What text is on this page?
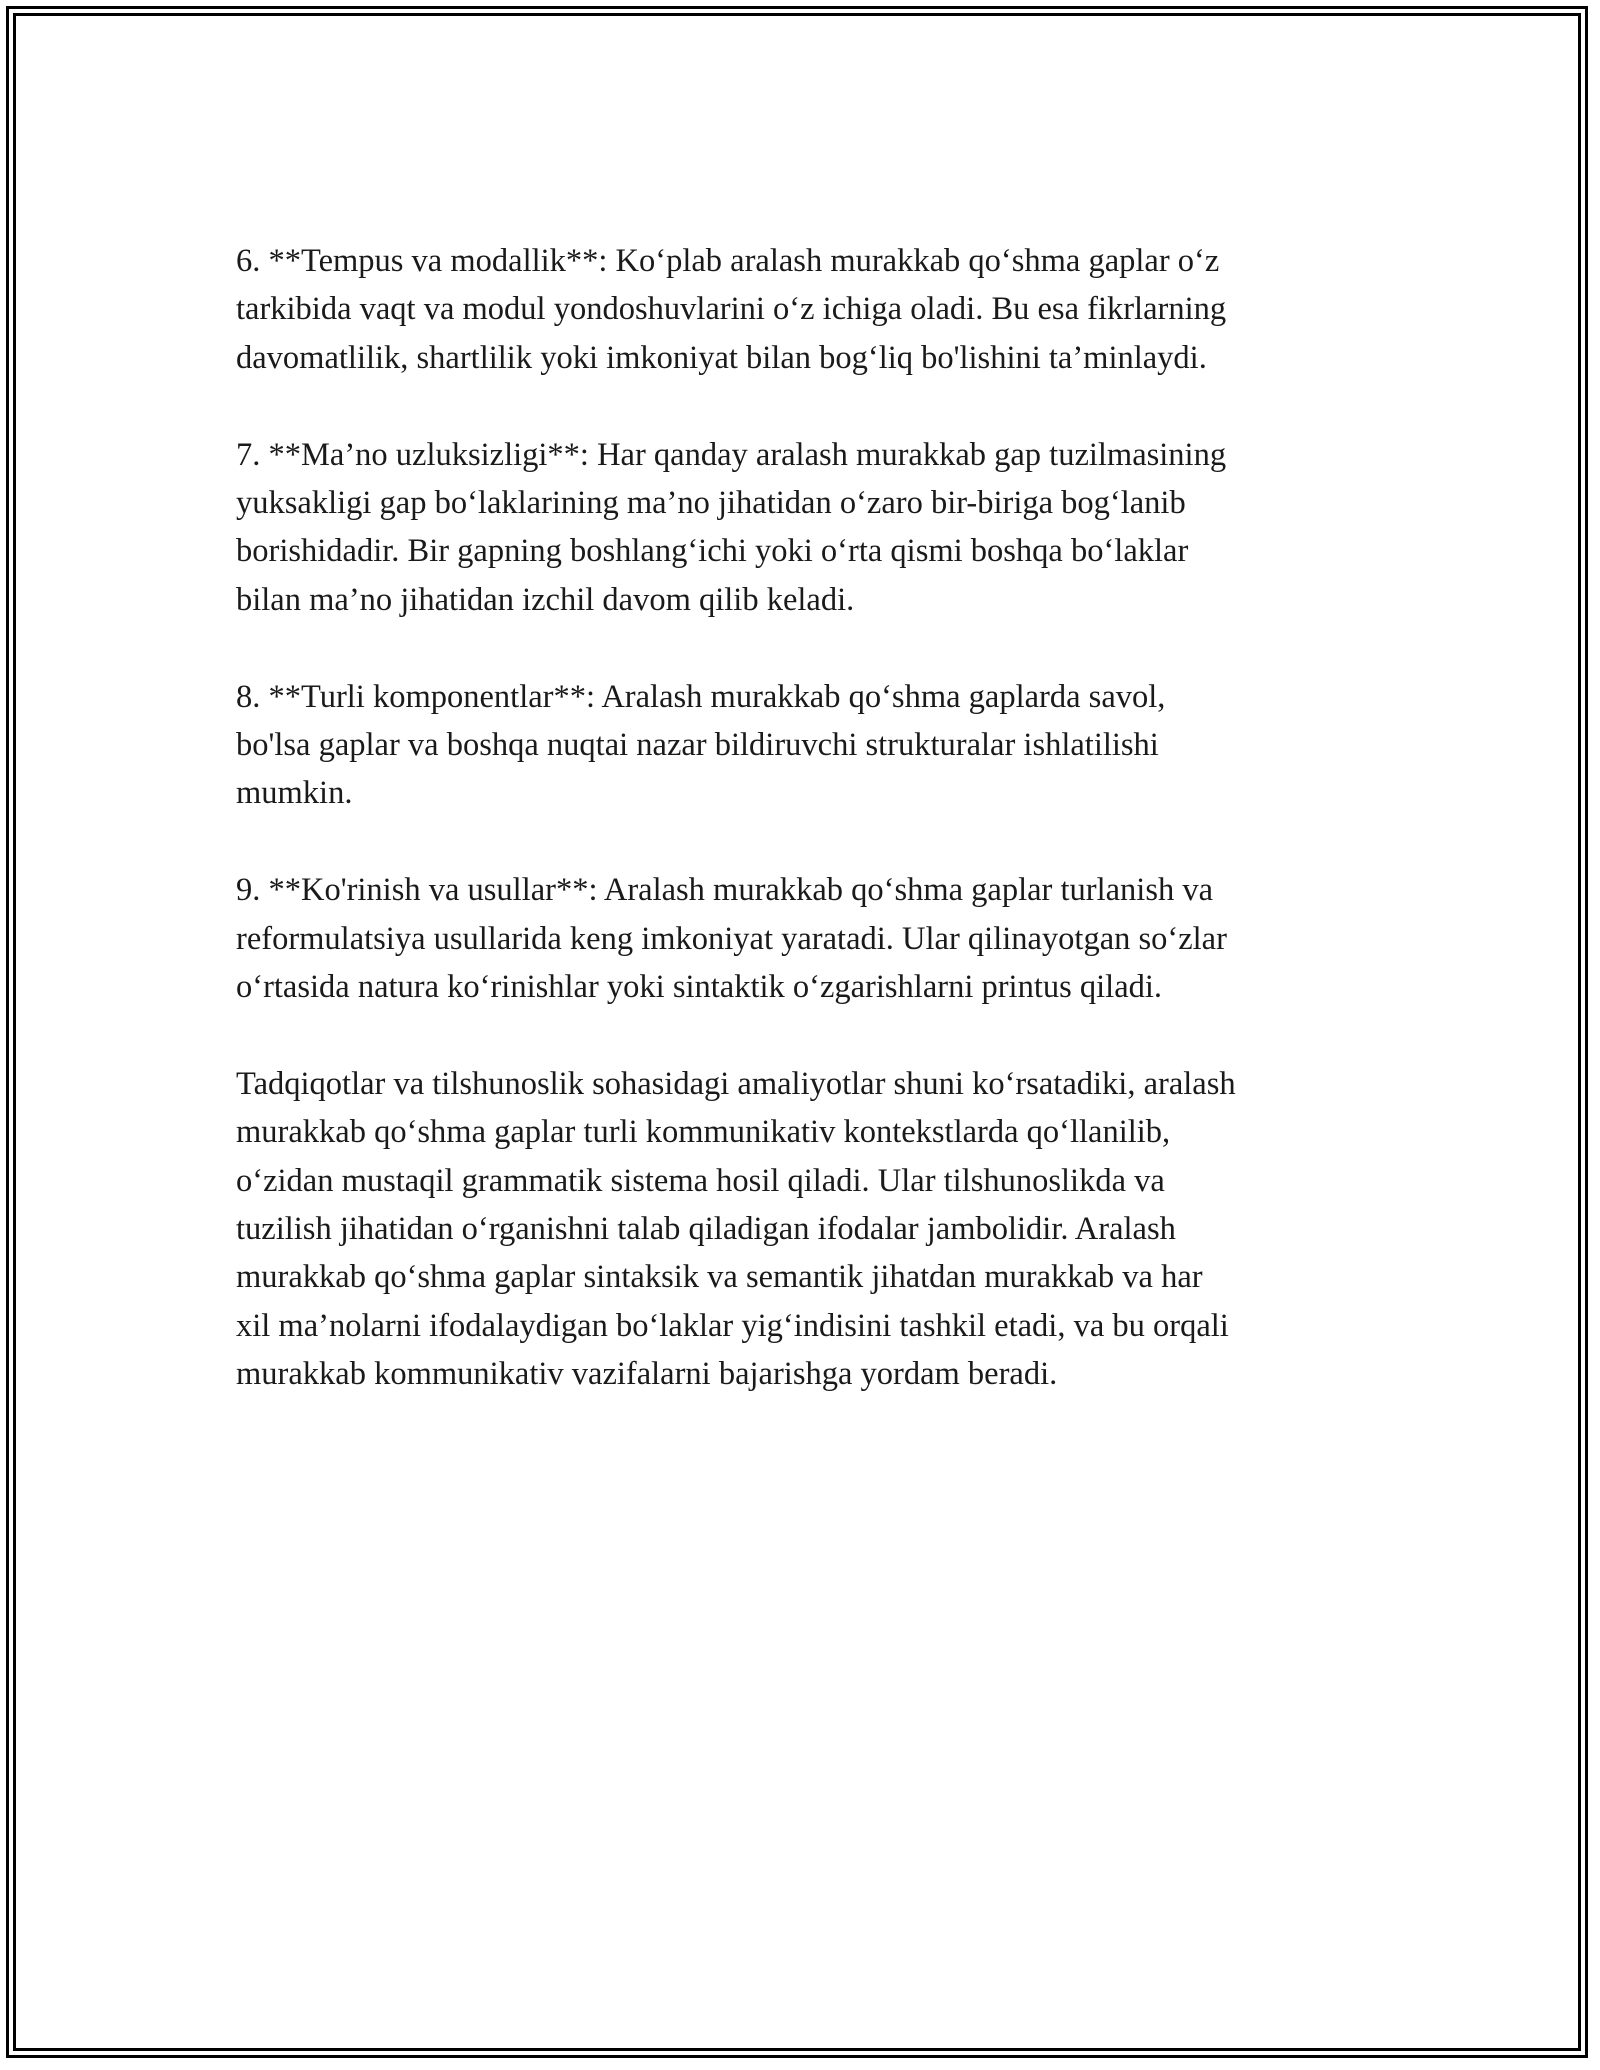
6. **Tempus va modallik**: Ko‘plab aralash murakkab qo‘shma gaplar o‘z
tarkibida vaqt va modul yondoshuvlarini o‘z ichiga oladi. Bu esa fikrlarning
davomatlilik, shartlilik yoki imkoniyat bilan bog‘liq bo'lishini ta’minlaydi.

7. **Ma’no uzluksizligi**: Har qanday aralash murakkab gap tuzilmasining
yuksakligi gap bo‘laklarining ma’no jihatidan o‘zaro bir-biriga bog‘lanib
borishidadir. Bir gapning boshlang‘ichi yoki o‘rta qismi boshqa bo‘laklar
bilan ma’no jihatidan izchil davom qilib keladi.

8. **Turli komponentlar**: Aralash murakkab qo‘shma gaplarda savol,
bo'lsa gaplar va boshqa nuqtai nazar bildiruvchi strukturalar ishlatilishi
mumkin.

9. **Ko'rinish va usullar**: Aralash murakkab qo‘shma gaplar turlanish va
reformulatsiya usullarida keng imkoniyat yaratadi. Ular qilinayotgan so‘zlar
o‘rtasida natura ko‘rinishlar yoki sintaktik o‘zgarishlarni printus qiladi.

Tadqiqotlar va tilshunoslik sohasidagi amaliyotlar shuni ko‘rsatadiki, aralash
murakkab qo‘shma gaplar turli kommunikativ kontekstlarda qo‘llanilib,
o‘zidan mustaqil grammatik sistema hosil qiladi. Ular tilshunoslikda va
tuzilish jihatidan o‘rganishni talab qiladigan ifodalar jambolidir. Aralash
murakkab qo‘shma gaplar sintaksik va semantik jihatdan murakkab va har
xil ma’nolarni ifodalaydigan bo‘laklar yig‘indisini tashkil etadi, va bu orqali
murakkab kommunikativ vazifalarni bajarishga yordam beradi.
